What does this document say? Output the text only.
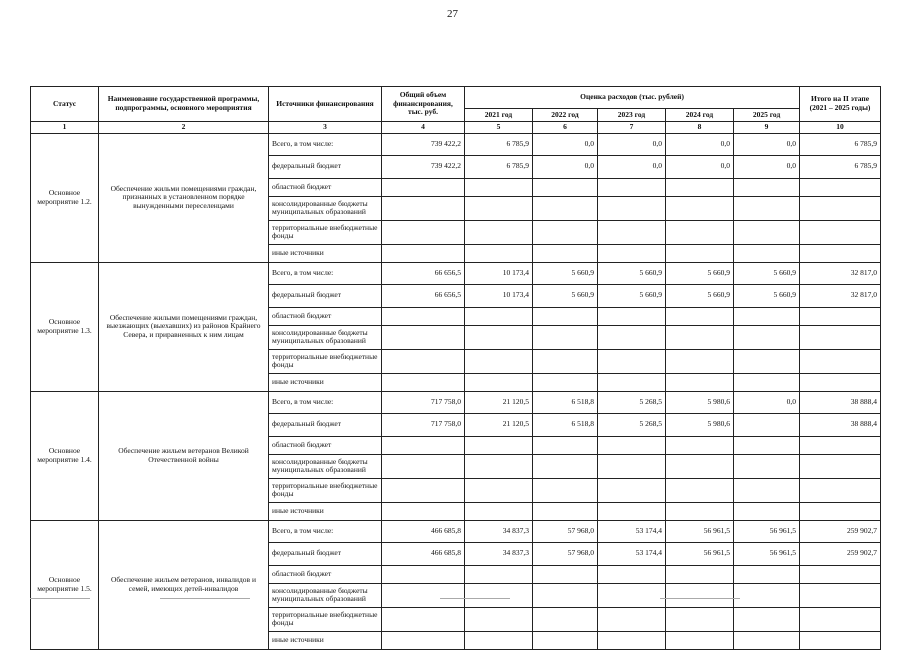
27
Статус	Наименование государственной программы, подпрограммы, основного мероприятия	Источники финансирования	Общий объем финансирования, тыс. руб.	Оценка расходов (тыс. рублей)					Итого на II этапе (2021 – 2025 годы)
				2021 год	2022 год	2023 год	2024 год	2025 год	
1	2	3	4	5	6	7	8	9	10
Основное мероприятие 1.2.	Обеспечение жильми помещениями граждан, признанных в установленном порядке вынужденными переселенцами	Всего, в том числе:	739 422,2	6 785,9	0,0	0,0	0,0	0,0	6 785,9
		федеральный бюджет	739 422,2	6 785,9	0,0	0,0	0,0	0,0	6 785,9
		областной бюджет							
		консолидированные бюджеты муниципальных образований							
		территориальные внебюджетные фонды							
		иные источники							
Основное мероприятие 1.3.	Обеспечение жилыми помещениями граждан, выезжающих (выехавших) из районов Крайнего Севера, и приравненных к ним лицам	Всего, в том числе:	66 656,5	10 173,4	5 660,9	5 660,9	5 660,9	5 660,9	32 817,0
		федеральный бюджет	66 656,5	10 173,4	5 660,9	5 660,9	5 660,9	5 660,9	32 817,0
		областной бюджет							
		консолидированные бюджеты муниципальных образований							
		территориальные внебюджетные фонды							
		иные источники							
Основное мероприятие 1.4.	Обеспечение жильем ветеранов Великой Отечественной войны	Всего, в том числе:	717 758,0	21 120,5	6 518,8	5 268,5	5 980,6	0,0	38 888,4
		федеральный бюджет	717 758,0	21 120,5	6 518,8	5 268,5	5 980,6		38 888,4
		областной бюджет							
		консолидированные бюджеты муниципальных образований							
		территориальные внебюджетные фонды							
		иные источники							
Основное мероприятие 1.5.	Обеспечение жильем ветеранов, инвалидов и семей, имеющих детей-инвалидов	Всего, в том числе:	466 685,8	34 837,3	57 968,0	53 174,4	56 961,5	56 961,5	259 902,7
		федеральный бюджет	466 685,8	34 837,3	57 968,0	53 174,4	56 961,5	56 961,5	259 902,7
		областной бюджет							
		консолидированные бюджеты муниципальных образований							
		территориальные внебюджетные фонды							
		иные источники							
